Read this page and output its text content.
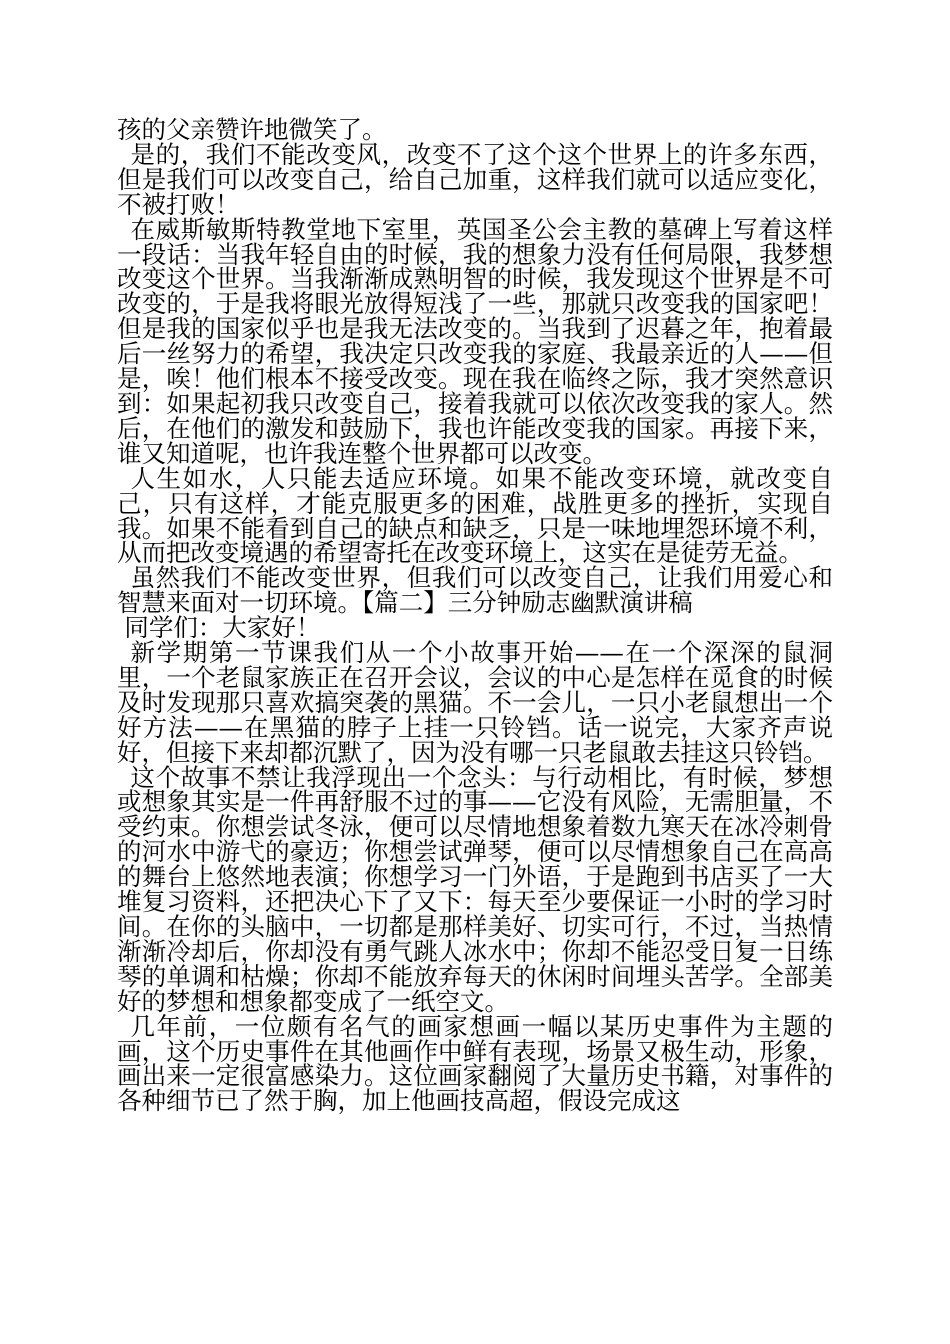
孩的父亲赞许地微笑了。

是的，我们不能改变风，改变不了这个这个世界上的许多东西，但是我们可以改变自己，给自己加重，这样我们就可以适应变化，不被打败！

在威斯敏斯特教堂地下室里，英国圣公会主教的墓碑上写着这样一段话：当我年轻自由的时候，我的想象力没有任何局限，我梦想改变这个世界。当我渐渐成熟明智的时候，我发现这个世界是不可改变的，于是我将眼光放得短浅了一些，那就只改变我的国家吧！但是我的国家似乎也是我无法改变的。当我到了迟暮之年，抱着最后一丝努力的希望，我决定只改变我的家庭、我最亲近的人——但是，唉！他们根本不接受改变。现在我在临终之际，我才突然意识到：如果起初我只改变自己，接着我就可以依次改变我的家人。然后，在他们的激发和鼓励下，我也许能改变我的国家。再接下来，谁又知道呢，也许我连整个世界都可以改变。

人生如水，人只能去适应环境。如果不能改变环境，就改变自己，只有这样，才能克服更多的困难，战胜更多的挫折，实现自我。如果不能看到自己的缺点和缺乏，只是一味地埋怨环境不利，从而把改变境遇的希望寄托在改变环境上，这实在是徒劳无益。

虽然我们不能改变世界，但我们可以改变自己，让我们用爱心和智慧来面对一切环境。【篇二】三分钟励志幽默演讲稿

同学们：大家好！

新学期第一节课我们从一个小故事开始——在一个深深的鼠洞里，一个老鼠家族正在召开会议，会议的中心是怎样在觅食的时候及时发现那只喜欢搞突袭的黑猫。不一会儿，一只小老鼠想出一个好方法——在黑猫的脖子上挂一只铃铛。话一说完，大家齐声说好，但接下来却都沉默了，因为没有哪一只老鼠敢去挂这只铃铛。

这个故事不禁让我浮现出一个念头：与行动相比，有时候，梦想或想象其实是一件再舒服不过的事——它没有风险，无需胆量，不受约束。你想尝试冬泳，便可以尽情地想象着数九寒天在冰冷刺骨的河水中游弋的豪迈；你想尝试弹琴，便可以尽情想象自己在高高的舞台上悠然地表演；你想学习一门外语，于是跑到书店买了一大堆复习资料，还把决心下了又下：每天至少要保证一小时的学习时间。在你的头脑中，一切都是那样美好、切实可行，不过，当热情渐渐冷却后，你却没有勇气跳人冰水中；你却不能忍受日复一日练琴的单调和枯燥；你却不能放弃每天的休闲时间埋头苦学。全部美好的梦想和想象都变成了一纸空文。

几年前，一位颇有名气的画家想画一幅以某历史事件为主题的画，这个历史事件在其他画作中鲜有表现，场景又极生动，形象，画出来一定很富感染力。这位画家翻阅了大量历史书籍，对事件的各种细节已了然于胸，加上他画技高超，假设完成这
